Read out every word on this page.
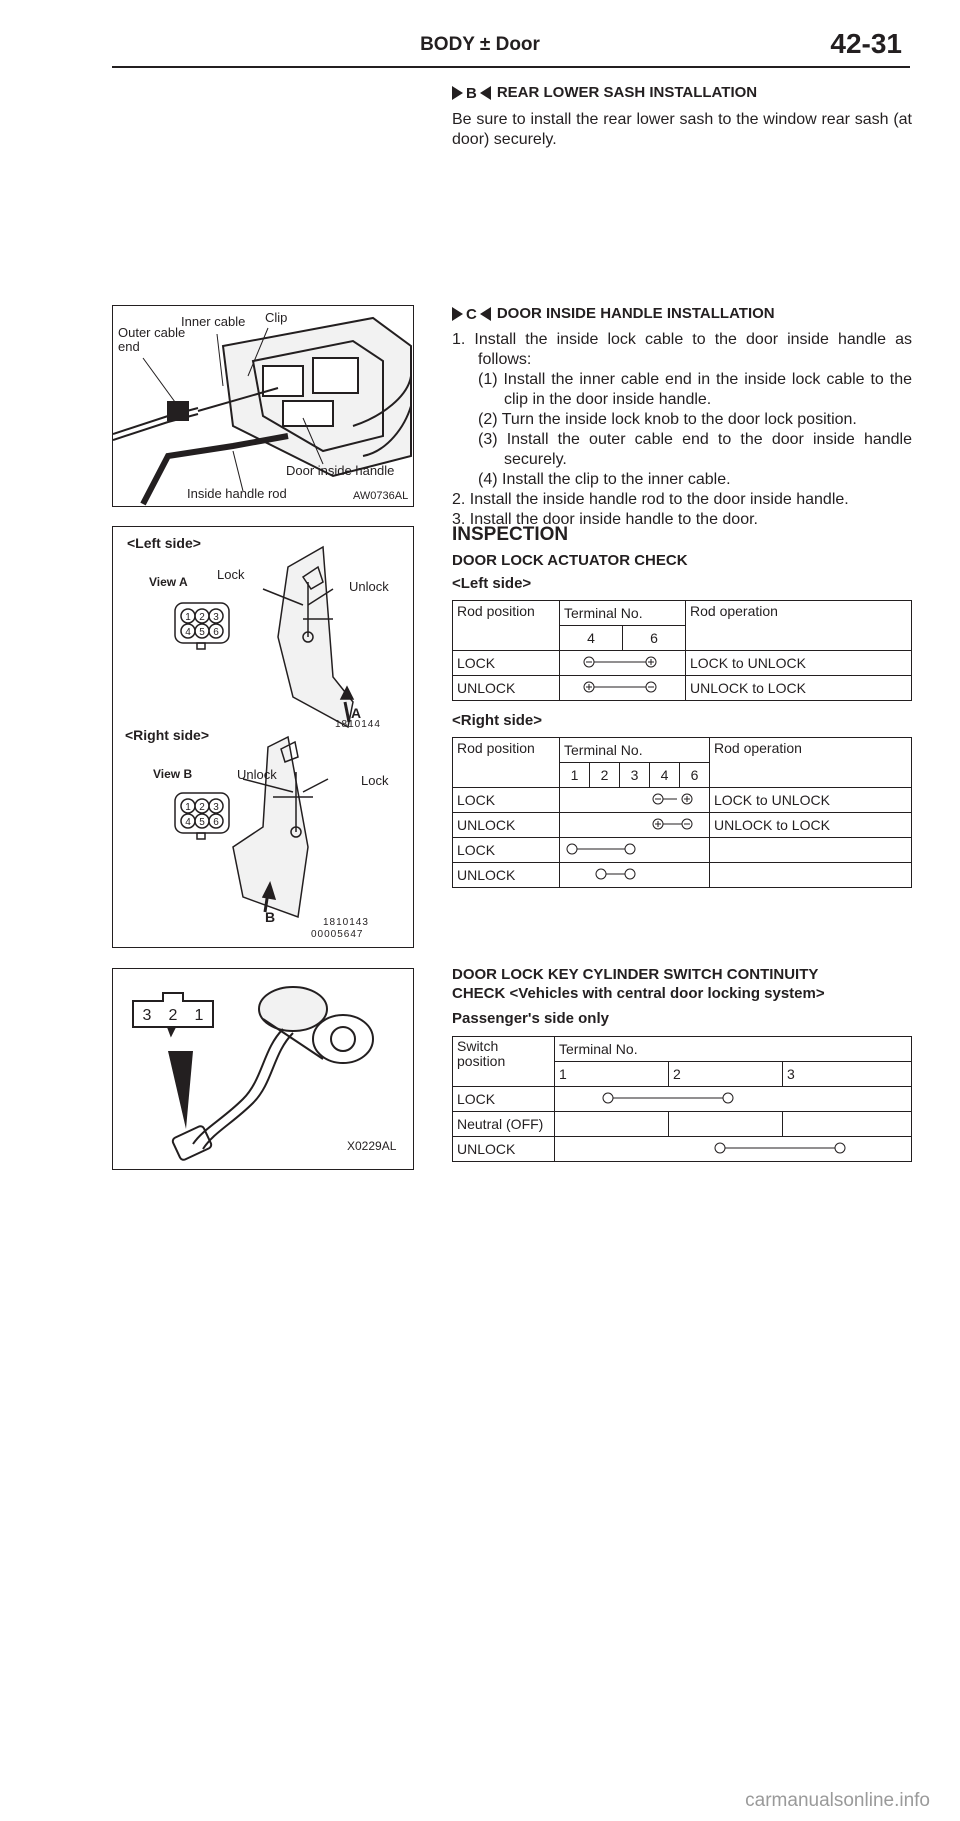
BODY ± Door	42-31
B REAR LOWER SASH INSTALLATION

Be sure to install the rear lower sash to the window rear sash (at door) securely.

Outer cable end
Inner cable Clip
Door inside handle
Inside handle rod	AW0736AL
C DOOR INSIDE HANDLE INSTALLATION

1. Install the inside lock cable to the door inside handle as follows:

(1) Install the inner cable end in the inside lock cable to the clip in the door inside handle.

(2) Turn the inside lock knob to the door lock position.

(3) Install the outer cable end to the door inside handle securely.

(4) Install the clip to the inner cable.

2. Install the inside handle rod to the door inside handle.

3. Install the door inside handle to the door.

1 2 3
4 5 6
1 2 3
4 5 6
<Left side>
View A Lock
Unlock
A
1810144
<Right side>
View B	Unlock	Lock
B	1810143
00005647
INSPECTION
DOOR LOCK ACTUATOR CHECK
<Left side>
Rod position	Terminal No.		Rod operation
	4	6	
LOCK			LOCK to UNLOCK
UNLOCK			UNLOCK to LOCK
<Right side>
Rod position	Terminal No.					Rod operation
	1	2	3	4	6	
LOCK						LOCK to UNLOCK
UNLOCK						UNLOCK to LOCK
LOCK		
UNLOCK		
3 2 1
X0229AL
DOOR LOCK KEY CYLINDER SWITCH CONTINUITY
CHECK <Vehicles with central door locking system>
Passenger's side only
Switch position	Terminal No.		
	1	2	3
LOCK	
Neutral (OFF)			
UNLOCK	
carmanualsonline.info
